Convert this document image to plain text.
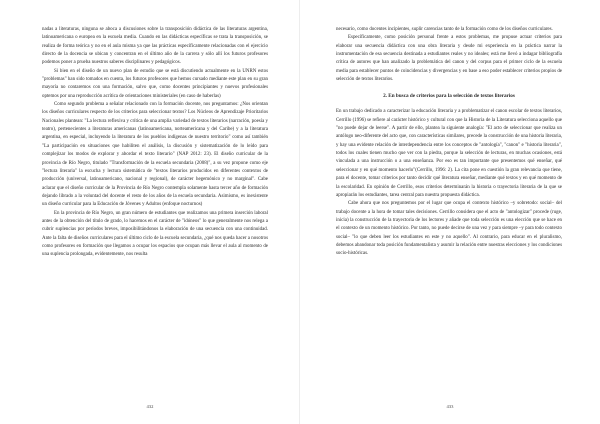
nadas a literaturas, ninguna se aboca a discusiones sobre la transposición didáctica de las literaturas argentina, latinoamericana o europea en la escuela media. Cuando en las didácticas específicas se trata la transposición, se realiza de forma teórica y no en el aula misma ya que las prácticas específicamente relacionadas con el ejercicio directo de la docencia se ubican y concentran en el último año de la carrera y sólo allí los futuros profesores podemos poner a prueba nuestros saberes disciplinares y pedagógicos.

Si bien en el diseño de un nuevo plan de estudio que se está discutiendo actualmente en la UNRN estos "problemas" han sido tomados en cuenta, los futuros profesores que hemos cursado mediante este plan en su gran mayoría no contaremos con una formación, salvo que, como docentes principiantes y nuevos profesionales optemos por una reproducción acrítica de orientaciones ministeriales (en caso de haberlas)

Como segundo problema a señalar relacionado con la formación docente, nos preguntamos: ¿Nos orientan los diseños curriculares respecto de los criterios para seleccionar textos? Los Núcleos de Aprendizaje Prioritarios Nacionales plantean: "La lectura reflexiva y crítica de una amplia variedad de textos literarios (narración, poesía y teatro), pertenecientes a literaturas americanas (latinoamericana, norteamericana y del Caribe) y a la literatura argentina, en especial, incluyendo la literatura de los pueblos indígenas de nuestro territorio" como así también "La participación en situaciones que habiliten el análisis, la discusión y sistematización de lo leído para complejizar los modos de explorar y abordar el texto literario" (NAP 2012: 23). El diseño curricular de la provincia de Río Negro, titulado "Transformación de la escuela secundaria (2008)", a su vez propone como eje "lectura literaria" la escucha y lectura sistemática de "textos literarios producidos en diferentes contextos de producción (universal, latinoamericano, nacional y regional), de carácter hegemónico y no marginal". Cabe aclarar que el diseño curricular de la Provincia de Río Negro contempla solamente hasta tercer año de formación dejando librado a la voluntad del docente el resto de los años de la escuela secundaria. Asimismo, es inexistente un diseño curricular para la Educación de Jóvenes y Adultos (enfoque nocturnos)

En la provincia de Río Negro, un gran número de estudiantes que realizamos una primera inserción laboral antes de la obtención del título de grado, lo hacemos en el carácter de "idóneos" lo que generalmente nos relega a cubrir suplencias por períodos breves, imposibilitándonos la elaboración de una secuencia con una continuidad. Ante la falta de diseños curriculares para el último ciclo de la escuela secundaria, ¿qué nos queda hacer a nosotros como profesores en formación que llegamos a ocupar los espacios que ocupan más llevar el aula al momento de una suplencia prolongada, evidentemente, nos resulta

432

necesario, como docentes incipientes, suplir carencias tanto de la formación como de los diseños curriculares.

Específicamente, como posición personal frente a estos problemas, me propuse actuar criterios para elaborar una secuencia didáctica con una obra literaria y desde mi experiencia en la práctica narrar la instrumentación de esa secuencia destinada a estudiantes reales y no ideales; está me llevó a indagar bibliografía crítica de autores que han analizado la problemática del canon y del corpus para el primer ciclo de la escuela media para establecer puntos de coincidencias y divergencias y en base a eso poder establecer criterios propios de selección de textos literarios.

2. En busca de criterios para la selección de textos literarios

En un trabajo dedicado a caracterizar la educación literaria y a problematizar el canon escolar de textos literarios, Cerrillo (1996) se refiere al carácter histórico y cultural con que la Historia de la Literatura selecciona aquello que "no puede dejar de leerse". A partir de ello, plantea la siguiente analogía: "El acto de seleccionar que realiza un antólogo neo-diferente del acto que, con características similares, precede la construcción de una historia literaria, y hay una evidente relación de interdependencia entre los conceptos de "antología", "canon" e "historia literaria", todos los cuales tienen mucho que ver con la piedra, porque la selección de lecturas, en muchas ocasiones, está vinculada a una instrucción o a una enseñanza. Por eso es tan importante que presentemos qué enseñar, qué seleccionar y en qué momento hacerlo"(Cerrillo, 1996: 2). La cita pone en cuestión la gran relevancia que tiene, para el docente, tomar criterios por tanto decidir qué literatura enseñar, mediante qué textos y en qué momento de la escolaridad. En opinión de Cerrillo, esos criterios determinarán la historia o trayectoria literaria de la que se apropiarán los estudiantes, tarea central para nuestra propuesta didáctica.

Cabe ahora que nos preguntemos por el lugar que ocupa el contexto histórico –y sobretodo: social– del trabajo docente a la hora de tomar tales decisiones. Cerrillo considera que el acto de "antologizar" procede (ruge, inicia) la construcción de la trayectoria de los lectores y añade que toda selección es una elección que se hace en el contexto de un momento histórico. Por tanto, no puede decirse de una vez y para siempre –y para todo contexto social– "lo que deben leer los estudiantes en este y no aquello". Al contrario, para educar en el pluralismo, debemos abandonar toda posición fundamentalista y asumir la relación entre nuestras elecciones y los condiciones socio-históricas.

433
